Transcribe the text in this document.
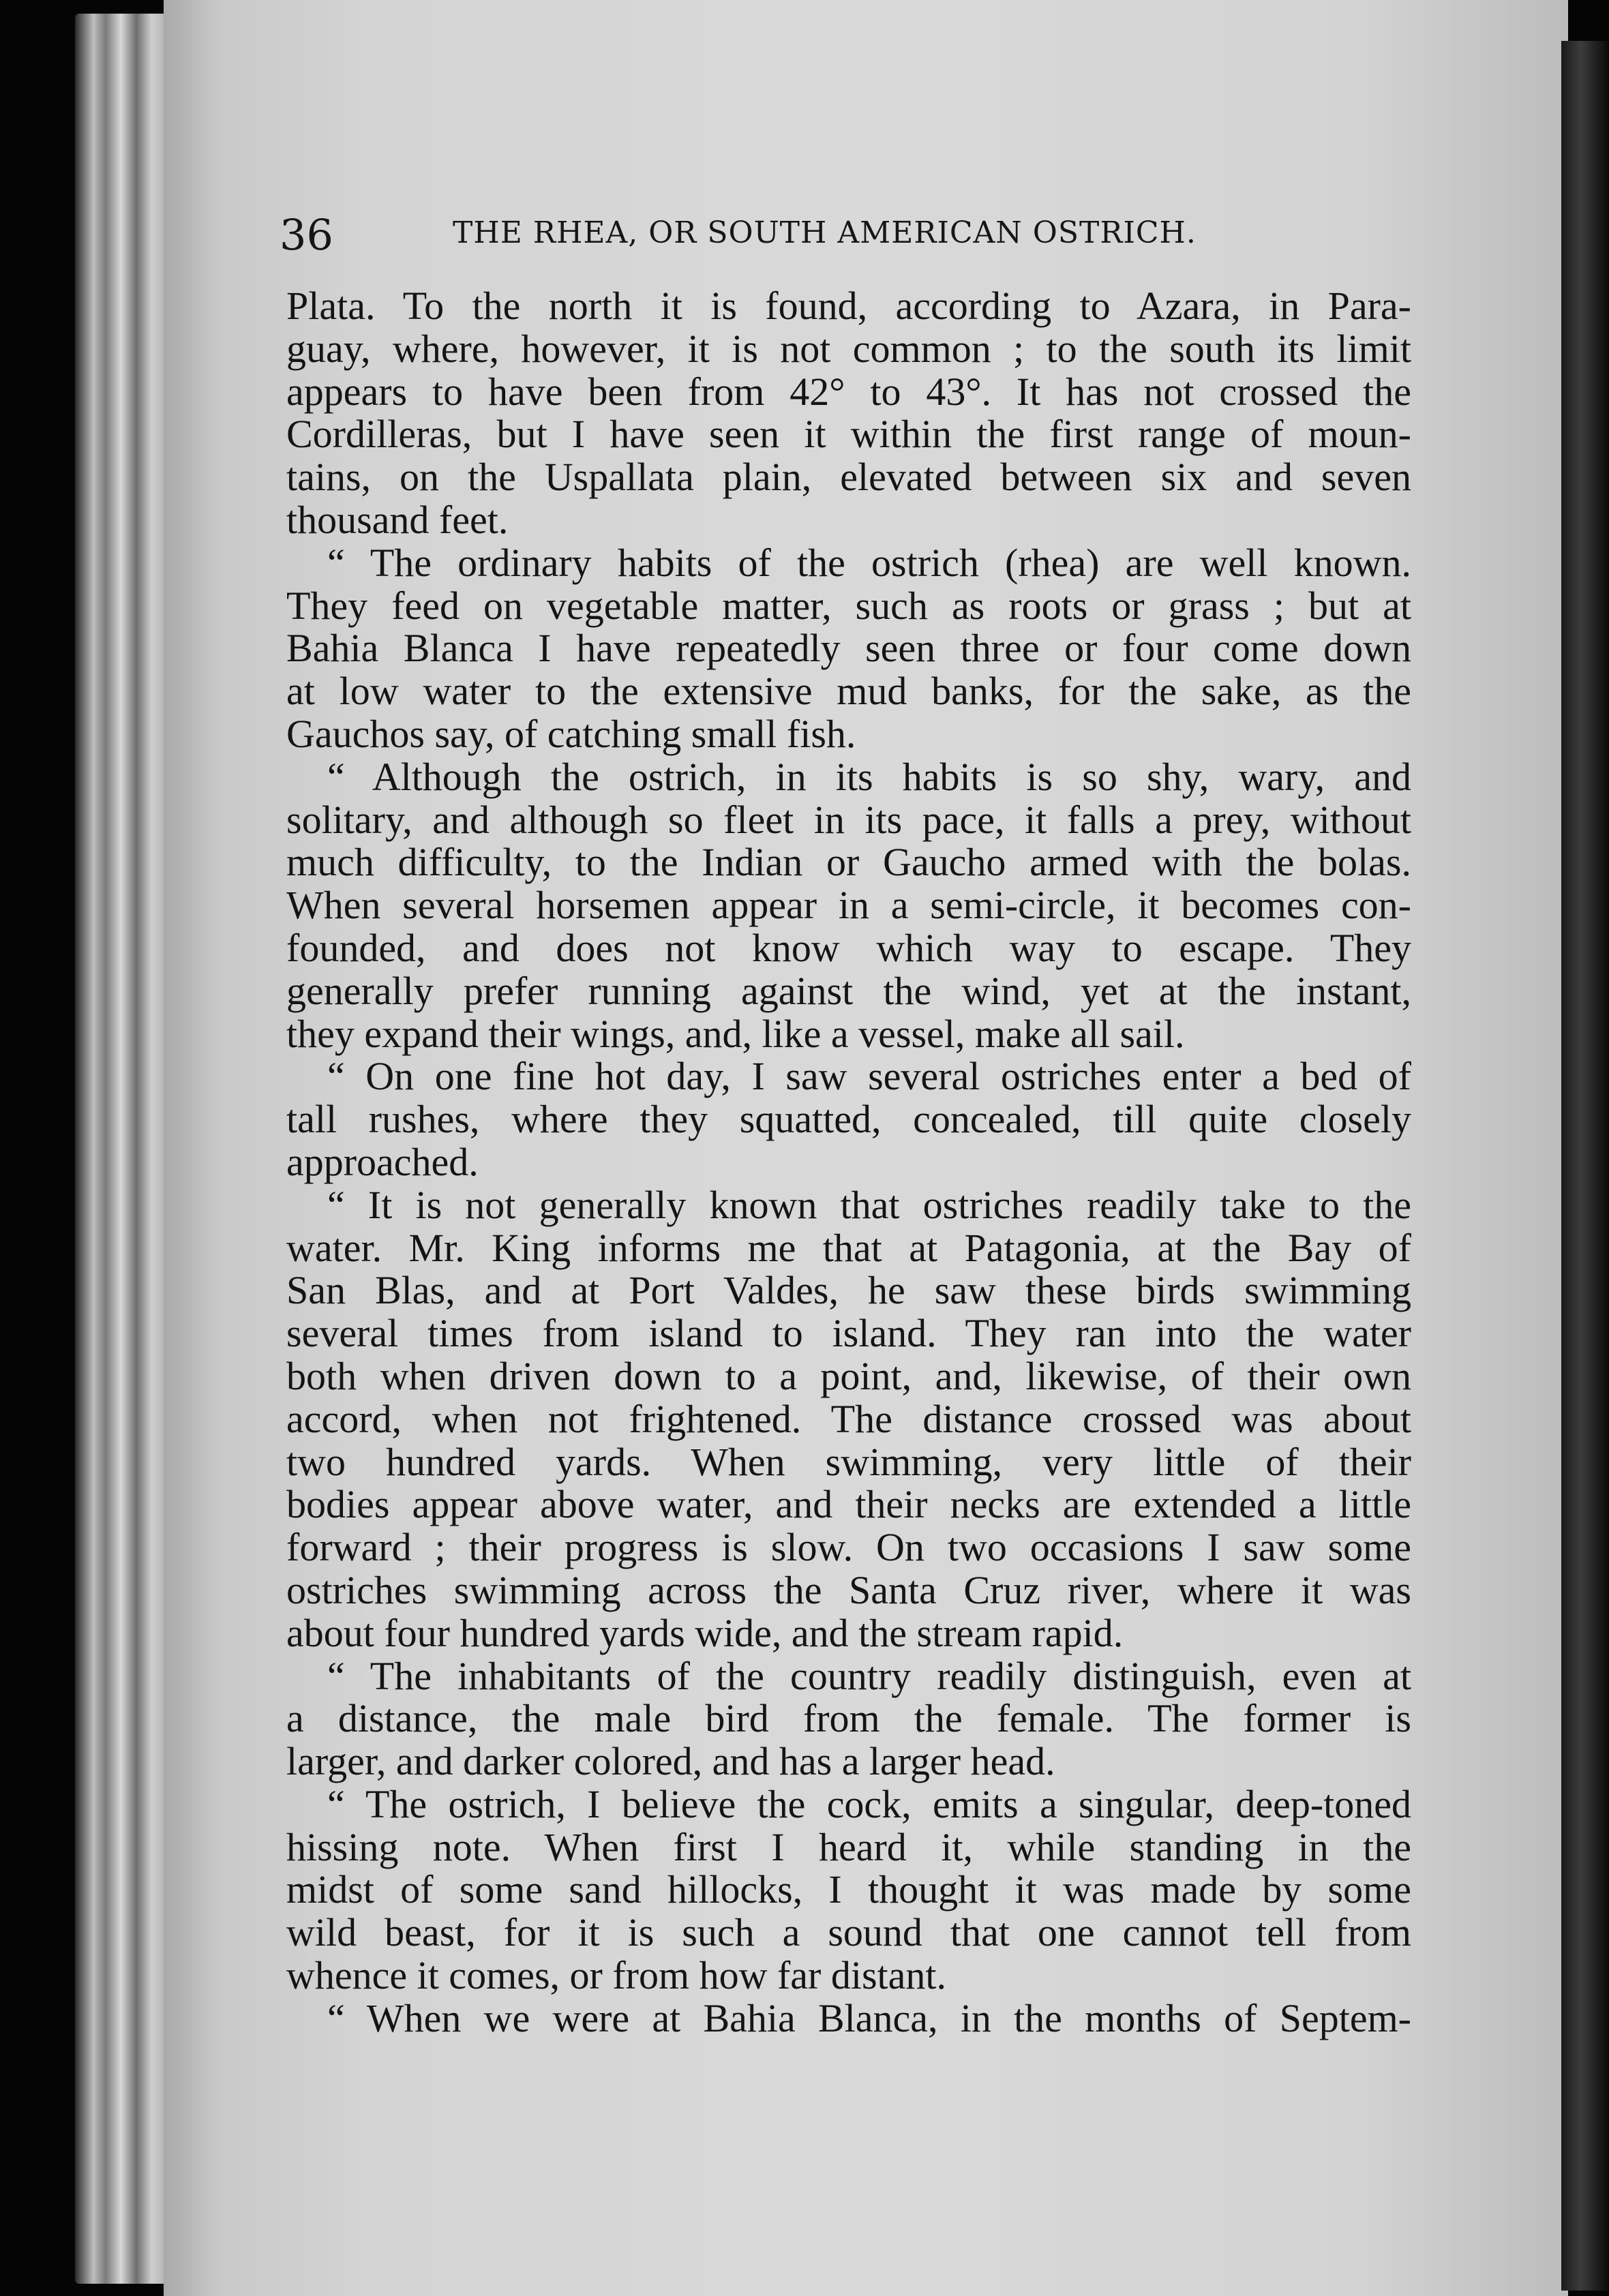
36	THE RHEA, OR SOUTH AMERICAN OSTRICH.
Plata. To the north it is found, according to Azara, in Para-
guay, where, however, it is not common ; to the south its limit
appears to have been from 42° to 43°. It has not crossed the
Cordilleras, but I have seen it within the first range of moun-
tains, on the Uspallata plain, elevated between six and seven
thousand feet.
“ The ordinary habits of the ostrich (rhea) are well known.
They feed on vegetable matter, such as roots or grass ; but at
Bahia Blanca I have repeatedly seen three or four come down
at low water to the extensive mud banks, for the sake, as the
Gauchos say, of catching small fish.
“ Although the ostrich, in its habits is so shy, wary, and
solitary, and although so fleet in its pace, it falls a prey, without
much difficulty, to the Indian or Gaucho armed with the bolas.
When several horsemen appear in a semi-circle, it becomes con-
founded, and does not know which way to escape. They
generally prefer running against the wind, yet at the instant,
they expand their wings, and, like a vessel, make all sail.
“ On one fine hot day, I saw several ostriches enter a bed of
tall rushes, where they squatted, concealed, till quite closely
approached.
“ It is not generally known that ostriches readily take to the
water. Mr. King informs me that at Patagonia, at the Bay of
San Blas, and at Port Valdes, he saw these birds swimming
several times from island to island. They ran into the water
both when driven down to a point, and, likewise, of their own
accord, when not frightened. The distance crossed was about
two hundred yards. When swimming, very little of their
bodies appear above water, and their necks are extended a little
forward ; their progress is slow. On two occasions I saw some
ostriches swimming across the Santa Cruz river, where it was
about four hundred yards wide, and the stream rapid.
“ The inhabitants of the country readily distinguish, even at
a distance, the male bird from the female. The former is
larger, and darker colored, and has a larger head.
“ The ostrich, I believe the cock, emits a singular, deep-toned
hissing note. When first I heard it, while standing in the
midst of some sand hillocks, I thought it was made by some
wild beast, for it is such a sound that one cannot tell from
whence it comes, or from how far distant.
“ When we were at Bahia Blanca, in the months of Septem-
